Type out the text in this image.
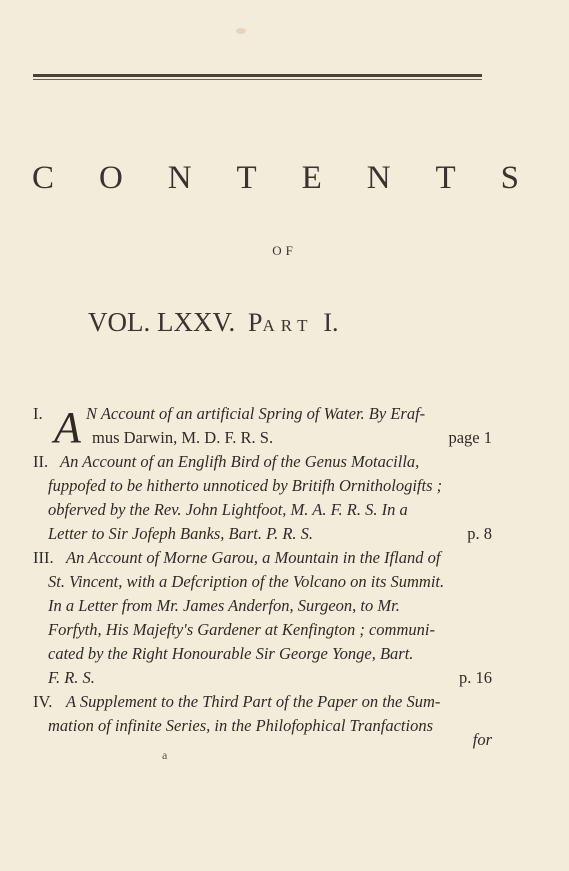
C O N T E N T S
OF
VOL. LXXV. PART I.
A
I.	N Account of an artificial Spring of Water. By Eraf-
mus Darwin, M. D. F. R. S.	page 1
II. An Account of an Englifh Bird of the Genus Motacilla,
fuppofed to be hitherto unnoticed by Britifh Ornithologifts ;
obferved by the Rev. John Lightfoot, M. A. F. R. S. In a
Letter to Sir Jofeph Banks, Bart. P. R. S.	p. 8
III. An Account of Morne Garou, a Mountain in the Ifland of
St. Vincent, with a Defcription of the Volcano on its Summit.
In a Letter from Mr. James Anderfon, Surgeon, to Mr.
Forfyth, His Majefty's Gardener at Kenfington ; communi-
cated by the Right Honourable Sir George Yonge, Bart.
F. R. S.	p. 16
IV. A Supplement to the Third Part of the Paper on the Sum-
mation of infinite Series, in the Philofophical Tranfactions
for
a
